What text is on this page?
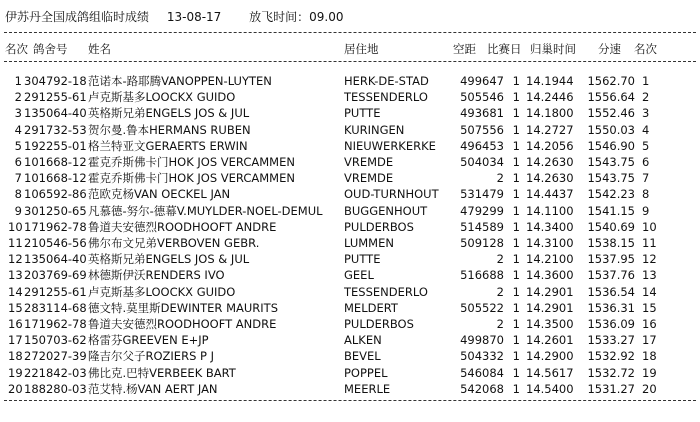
伊苏丹全国成鸽组临时成绩 13-08-17 放飞时间：09.00
名次 鸽舍号	姓名	居住地	空距 比赛日 归巢时间	分速 名次
1 304792-18 范诺本-路耶腾VANOPPEN-LUYTEN	HERK-DE-STAD	499647 1 14.1944	1562.70 1
2 291255-61 卢克斯基多LOOCKX GUIDO	TESSENDERLO	505546 1 14.2446	1556.64 2
3 135064-40 英格斯兄弟ENGELS JOS & JUL	PUTTE	493681 1 14.1800	1552.46 3
4 291732-53 贺尔曼.鲁本HERMANS RUBEN	KURINGEN	507556 1 14.2727	1550.03 4
5 192255-01 格兰特亚文GERAERTS ERWIN	NIEUWERKERKE	496453 1 14.2056	1546.90 5
6 101668-12 霍克乔斯佛卡门HOK JOS VERCAMMEN	VREMDE	504034 1 14.2630	1543.75 6
7 101668-12 霍克乔斯佛卡门HOK JOS VERCAMMEN	VREMDE	2 1 14.2630	1543.75 7
8 106592-86 范欧克杨VAN OECKEL JAN	OUD-TURNHOUT	531479 1 14.4437	1542.23 8
9 301250-65 凡慕德-努尔-德幕V.MUYLDER-NOEL-DEMUL	BUGGENHOUT	479299 1 14.1100	1541.15 9
10 171962-78 鲁道夫安德烈ROODHOOFT ANDRE	PULDERBOS	514589 1 14.3400	1540.69 10
11 210546-56 佛尔布文兄弟VERBOVEN GEBR.	LUMMEN	509128 1 14.3100	1538.15 11
12 135064-40 英格斯兄弟ENGELS JOS & JUL	PUTTE	2 1 14.2100	1537.95 12
13 203769-69 林德斯伊沃RENDERS IVO	GEEL	516688 1 14.3600	1537.76 13
14 291255-61 卢克斯基多LOOCKX GUIDO	TESSENDERLO	2 1 14.2901	1536.54 14
15 283114-68 德文特.莫里斯DEWINTER MAURITS	MELDERT	505522 1 14.2901	1536.31 15
16 171962-78 鲁道夫安德烈ROODHOOFT ANDRE	PULDERBOS	2 1 14.3500	1536.09 16
17 150703-62 格雷芬GREEVEN E+JP	ALKEN	499870 1 14.2601	1533.27 17
18 272027-39 隆吉尔父子ROZIERS P J	BEVEL	504332 1 14.2900	1532.92 18
19 221842-03 佛比克.巴特VERBEEK BART	POPPEL	546084 1 14.5617	1532.72 19
20 188280-03 范艾特.杨VAN AERT JAN	MEERLE	542068 1 14.5400	1531.27 20
